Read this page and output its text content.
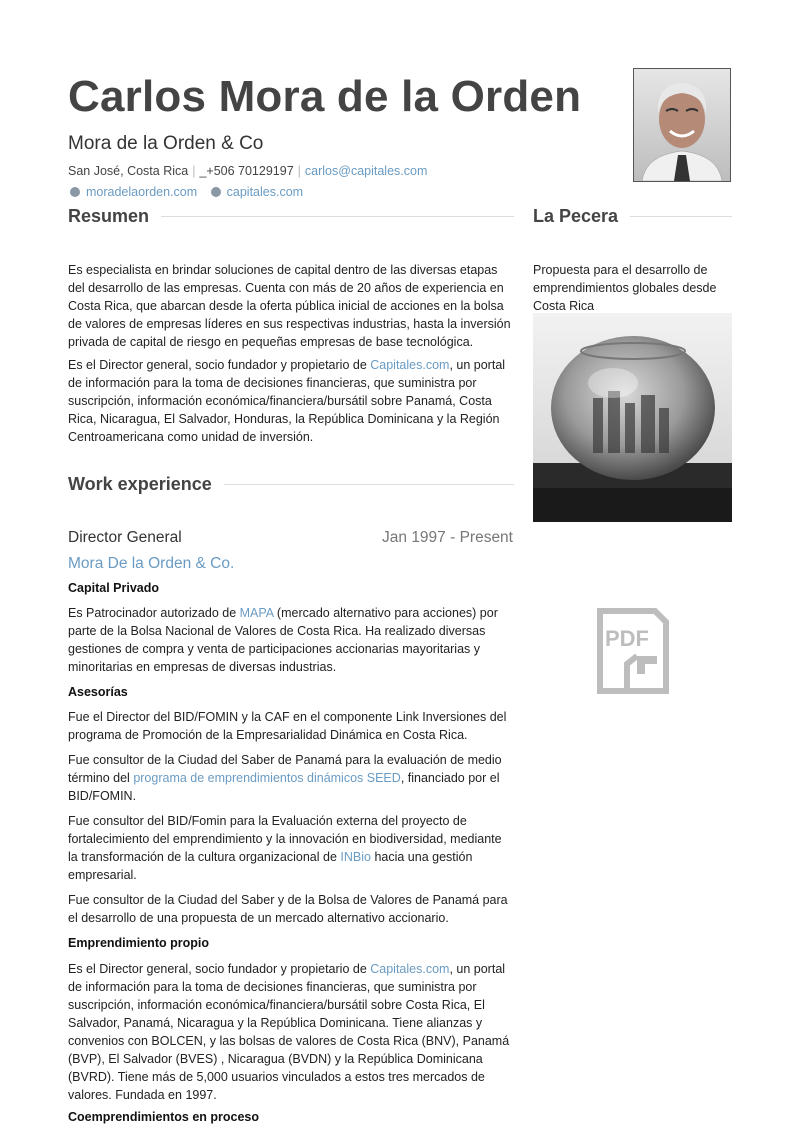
Carlos Mora de la Orden
Mora de la Orden & Co
San José, Costa Rica | _+506 70129197 | carlos@capitales.com
moradelaorden.com capitales.com
Resumen

Es especialista en brindar soluciones de capital dentro de las diversas etapas del desarrollo de las empresas. Cuenta con más de 20 años de experiencia en Costa Rica, que abarcan desde la oferta pública inicial de acciones en la bolsa de valores de empresas líderes en sus respectivas industrias, hasta la inversión privada de capital de riesgo en pequeñas empresas de base tecnológica.

Es el Director general, socio fundador y propietario de Capitales.com, un portal de información para la toma de decisiones financieras, que suministra por suscripción, información económica/financiera/bursátil sobre Panamá, Costa Rica, Nicaragua, El Salvador, Honduras, la República Dominicana y la Región Centroamericana como unidad de inversión.

Work experience
Director General	Jan 1997 - Present
Mora De la Orden & Co.
Capital Privado

Es Patrocinador autorizado de MAPA (mercado alternativo para acciones) por parte de la Bolsa Nacional de Valores de Costa Rica. Ha realizado diversas gestiones de compra y venta de participaciones accionarias mayoritarias y minoritarias en empresas de diversas industrias.

Asesorías

Fue el Director del BID/FOMIN y la CAF en el componente Link Inversiones del programa de Promoción de la Empresarialidad Dinámica en Costa Rica.

Fue consultor de la Ciudad del Saber de Panamá para la evaluación de medio término del programa de emprendimientos dinámicos SEED, financiado por el BID/FOMIN.

Fue consultor del BID/Fomin para la Evaluación externa del proyecto de fortalecimiento del emprendimiento y la innovación en biodiversidad, mediante la transformación de la cultura organizacional de INBio hacia una gestión empresarial.

Fue consultor de la Ciudad del Saber y de la Bolsa de Valores de Panamá para el desarrollo de una propuesta de un mercado alternativo accionario.

Emprendimiento propio

Es el Director general, socio fundador y propietario de Capitales.com, un portal de información para la toma de decisiones financieras, que suministra por suscripción, información económica/financiera/bursátil sobre Costa Rica, El Salvador, Panamá, Nicaragua y la República Dominicana. Tiene alianzas y convenios con BOLCEN, y las bolsas de valores de Costa Rica (BNV), Panamá (BVP), El Salvador (BVES) , Nicaragua (BVDN) y la República Dominicana (BVRD). Tiene más de 5,000 usuarios vinculados a estos tres mercados de valores. Fundada en 1997.

Coemprendimientos en proceso
La Pecera
Propuesta para el desarrollo de emprendimientos globales desde Costa Rica
PDF
